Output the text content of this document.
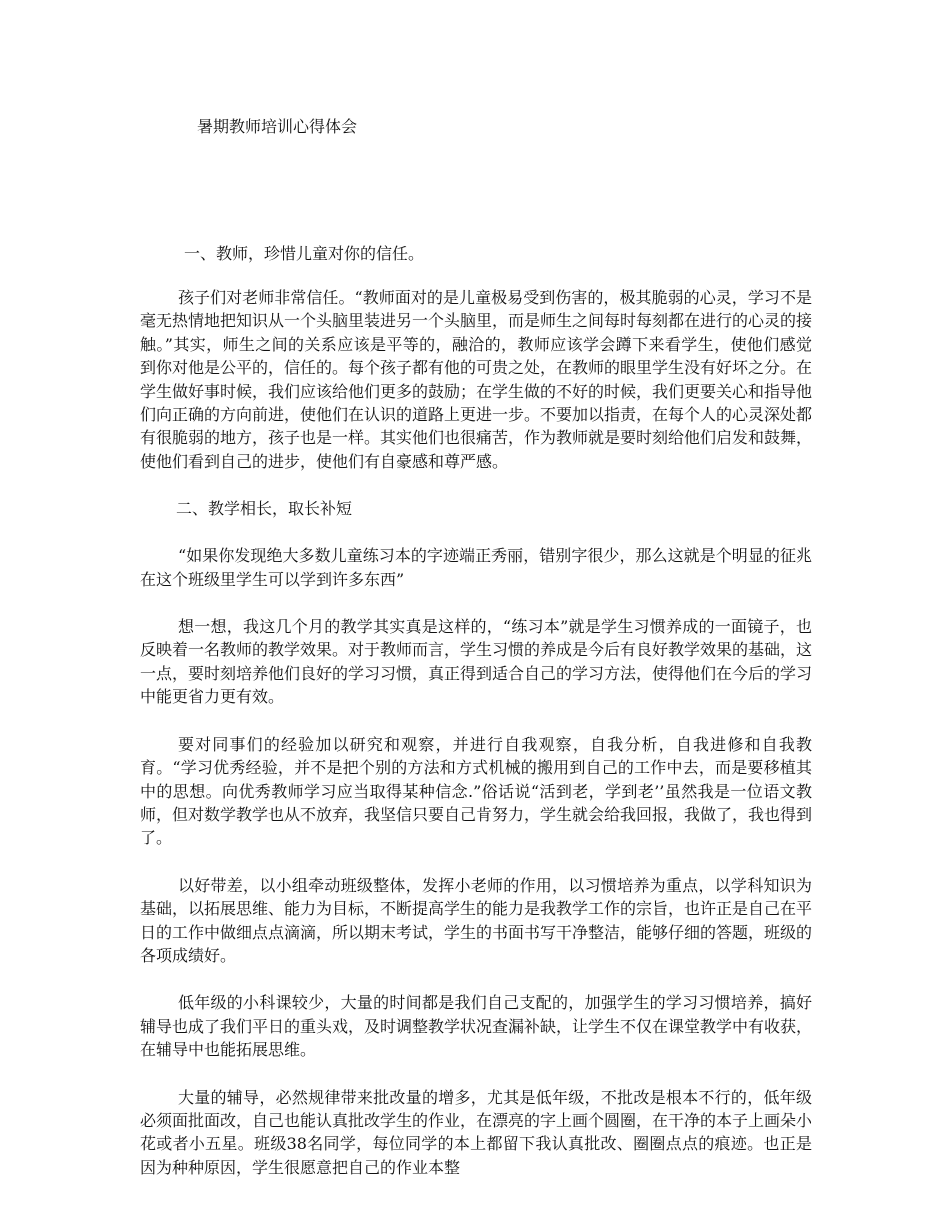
暑期教师培训心得体会

一、教师，珍惜儿童对你的信任。

孩子们对老师非常信任。“教师面对的是儿童极易受到伤害的，极其脆弱的心灵，学习不是毫无热情地把知识从一个头脑里装进另一个头脑里，而是师生之间每时每刻都在进行的心灵的接触。”其实，师生之间的关系应该是平等的，融洽的，教师应该学会蹲下来看学生，使他们感觉到你对他是公平的，信任的。每个孩子都有他的可贵之处，在教师的眼里学生没有好坏之分。在学生做好事时候，我们应该给他们更多的鼓励；在学生做的不好的时候，我们更要关心和指导他们向正确的方向前进，使他们在认识的道路上更进一步。不要加以指责，在每个人的心灵深处都有很脆弱的地方，孩子也是一样。其实他们也很痛苦，作为教师就是要时刻给他们启发和鼓舞，使他们看到自己的进步，使他们有自豪感和尊严感。

二、教学相长，取长补短

“如果你发现绝大多数儿童练习本的字迹端正秀丽，错别字很少，那么这就是个明显的征兆在这个班级里学生可以学到许多东西”

想一想，我这几个月的教学其实真是这样的，“练习本”就是学生习惯养成的一面镜子，也反映着一名教师的教学效果。对于教师而言，学生习惯的养成是今后有良好教学效果的基础，这一点，要时刻培养他们良好的学习习惯，真正得到适合自己的学习方法，使得他们在今后的学习中能更省力更有效。

要对同事们的经验加以研究和观察，并进行自我观察，自我分析，自我进修和自我教育。“学习优秀经验，并不是把个别的方法和方式机械的搬用到自己的工作中去，而是要移植其中的思想。向优秀教师学习应当取得某种信念.”俗话说“活到老，学到老’’虽然我是一位语文教师，但对数学教学也从不放弃，我坚信只要自己肯努力，学生就会给我回报，我做了，我也得到了。

以好带差，以小组牵动班级整体，发挥小老师的作用，以习惯培养为重点，以学科知识为基础，以拓展思维、能力为目标，不断提高学生的能力是我教学工作的宗旨，也许正是自己在平日的工作中做细点点滴滴，所以期末考试，学生的书面书写干净整洁，能够仔细的答题，班级的各项成绩好。

低年级的小科课较少，大量的时间都是我们自己支配的，加强学生的学习习惯培养，搞好辅导也成了我们平日的重头戏，及时调整教学状况查漏补缺，让学生不仅在课堂教学中有收获，在辅导中也能拓展思维。

大量的辅导，必然规律带来批改量的增多，尤其是低年级，不批改是根本不行的，低年级必须面批面改，自己也能认真批改学生的作业，在漂亮的字上画个圆圈，在干净的本子上画朵小花或者小五星。班级38名同学，每位同学的本上都留下我认真批改、圈圈点点的痕迹。也正是因为种种原因，学生很愿意把自己的作业本整
